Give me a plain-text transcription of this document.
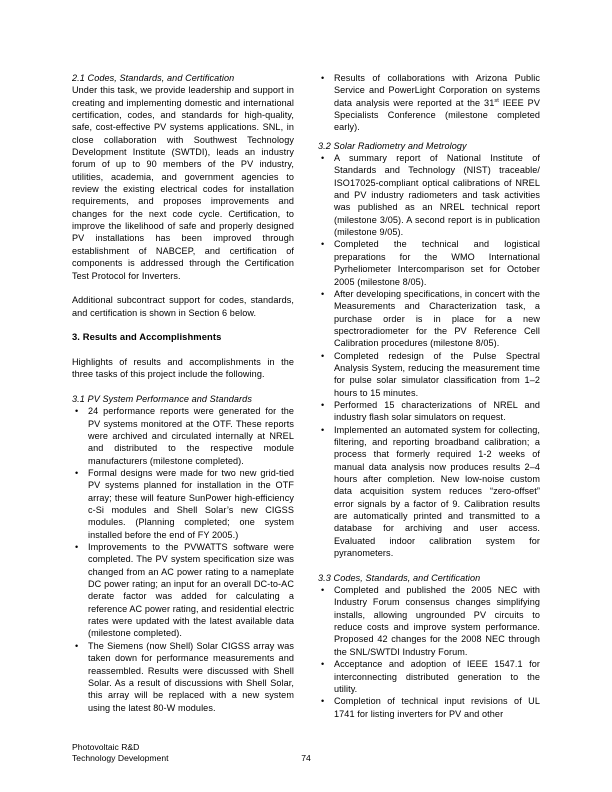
2.1 Codes, Standards, and Certification

Under this task, we provide leadership and support in creating and implementing domestic and international certification, codes, and standards for high-quality, safe, cost-effective PV systems applications. SNL, in close collaboration with Southwest Technology Development Institute (SWTDI), leads an industry forum of up to 90 members of the PV industry, utilities, academia, and government agencies to review the existing electrical codes for installation requirements, and proposes improvements and changes for the next code cycle. Certification, to improve the likelihood of safe and properly designed PV installations has been improved through establishment of NABCEP, and certification of components is addressed through the Certification Test Protocol for Inverters.

Additional subcontract support for codes, standards, and certification is shown in Section 6 below.

3. Results and Accomplishments

Highlights of results and accomplishments in the three tasks of this project include the following.

3.1 PV System Performance and Standards
• 24 performance reports were generated for the PV systems monitored at the OTF. These reports were archived and circulated internally at NREL and distributed to the respective module manufacturers (milestone completed).
• Formal designs were made for two new grid-tied PV systems planned for installation in the OTF array; these will feature SunPower high-efficiency c-Si modules and Shell Solar’s new CIGSS modules. (Planning completed; one system installed before the end of FY 2005.)
• Improvements to the PVWATTS software were completed. The PV system specification size was changed from an AC power rating to a nameplate DC power rating; an input for an overall DC-to-AC derate factor was added for calculating a reference AC power rating, and residential electric rates were updated with the latest available data (milestone completed).
• The Siemens (now Shell) Solar CIGSS array was taken down for performance measurements and reassembled. Results were discussed with Shell Solar. As a result of discussions with Shell Solar, this array will be replaced with a new system using the latest 80-W modules.
• Results of collaborations with Arizona Public Service and PowerLight Corporation on systems data analysis were reported at the 31st IEEE PV Specialists Conference (milestone completed early).
3.2 Solar Radiometry and Metrology
• A summary report of National Institute of Standards and Technology (NIST) traceable/ ISO17025-compliant optical calibrations of NREL and PV industry radiometers and task activities was published as an NREL technical report (milestone 3/05). A second report is in publication (milestone 9/05).
• Completed the technical and logistical preparations for the WMO International Pyrheliometer Intercomparison set for October 2005 (milestone 8/05).
• After developing specifications, in concert with the Measurements and Characterization task, a purchase order is in place for a new spectroradiometer for the PV Reference Cell Calibration procedures (milestone 8/05).
• Completed redesign of the Pulse Spectral Analysis System, reducing the measurement time for pulse solar simulator classification from 1–2 hours to 15 minutes.
• Performed 15 characterizations of NREL and industry flash solar simulators on request.
• Implemented an automated system for collecting, filtering, and reporting broadband calibration; a process that formerly required 1-2 weeks of manual data analysis now produces results 2–4 hours after completion. New low-noise custom data acquisition system reduces “zero-offset” error signals by a factor of 9. Calibration results are automatically printed and transmitted to a database for archiving and user access. Evaluated indoor calibration system for pyranometers.
3.3 Codes, Standards, and Certification
• Completed and published the 2005 NEC with Industry Forum consensus changes simplifying installs, allowing ungrounded PV circuits to reduce costs and improve system performance. Proposed 42 changes for the 2008 NEC through the SNL/SWTDI Industry Forum.
• Acceptance and adoption of IEEE 1547.1 for interconnecting distributed generation to the utility.
• Completion of technical input revisions of UL 1741 for listing inverters for PV and other
Photovoltaic R&D
Technology Development	74
